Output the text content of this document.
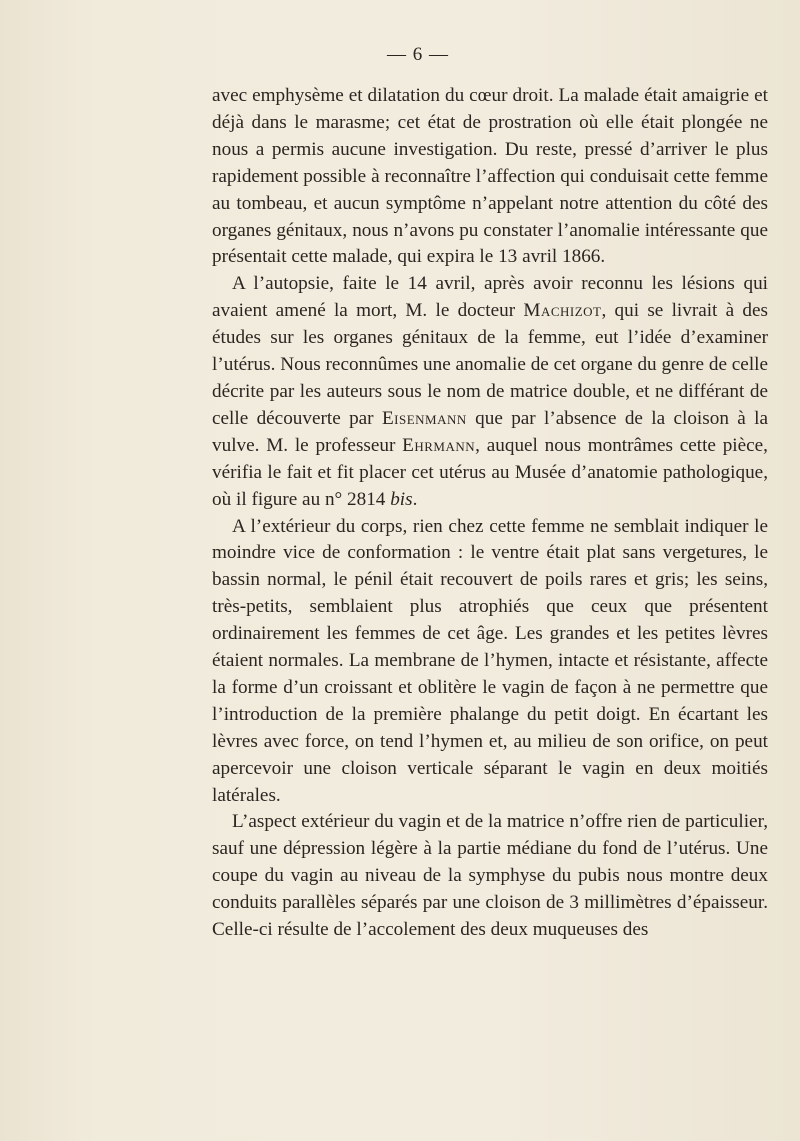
— 6 —

avec emphysème et dilatation du cœur droit. La malade était amaigrie et déjà dans le marasme; cet état de prostration où elle était plongée ne nous a permis aucune investigation. Du reste, pressé d’arriver le plus rapidement possible à reconnaître l’affection qui conduisait cette femme au tombeau, et aucun symptôme n’appelant notre attention du côté des organes génitaux, nous n’avons pu constater l’anomalie intéressante que présentait cette malade, qui expira le 13 avril 1866.

A l’autopsie, faite le 14 avril, après avoir reconnu les lésions qui avaient amené la mort, M. le docteur Machizot, qui se livrait à des études sur les organes génitaux de la femme, eut l’idée d’examiner l’utérus. Nous reconnûmes une anomalie de cet organe du genre de celle décrite par les auteurs sous le nom de matrice double, et ne différant de celle découverte par Eisenmann que par l’absence de la cloison à la vulve. M. le professeur Ehrmann, auquel nous montrâmes cette pièce, vérifia le fait et fit placer cet utérus au Musée d’anatomie pathologique, où il figure au n° 2814 bis.

A l’extérieur du corps, rien chez cette femme ne semblait indiquer le moindre vice de conformation : le ventre était plat sans vergetures, le bassin normal, le pénil était recouvert de poils rares et gris; les seins, très-petits, semblaient plus atrophiés que ceux que présentent ordinairement les femmes de cet âge. Les grandes et les petites lèvres étaient normales. La membrane de l’hymen, intacte et résistante, affecte la forme d’un croissant et oblitère le vagin de façon à ne permettre que l’introduction de la première phalange du petit doigt. En écartant les lèvres avec force, on tend l’hymen et, au milieu de son orifice, on peut apercevoir une cloison verticale séparant le vagin en deux moitiés latérales.

L’aspect extérieur du vagin et de la matrice n’offre rien de particulier, sauf une dépression légère à la partie médiane du fond de l’utérus. Une coupe du vagin au niveau de la symphyse du pubis nous montre deux conduits parallèles séparés par une cloison de 3 millimètres d’épaisseur. Celle-ci résulte de l’accolement des deux muqueuses des
